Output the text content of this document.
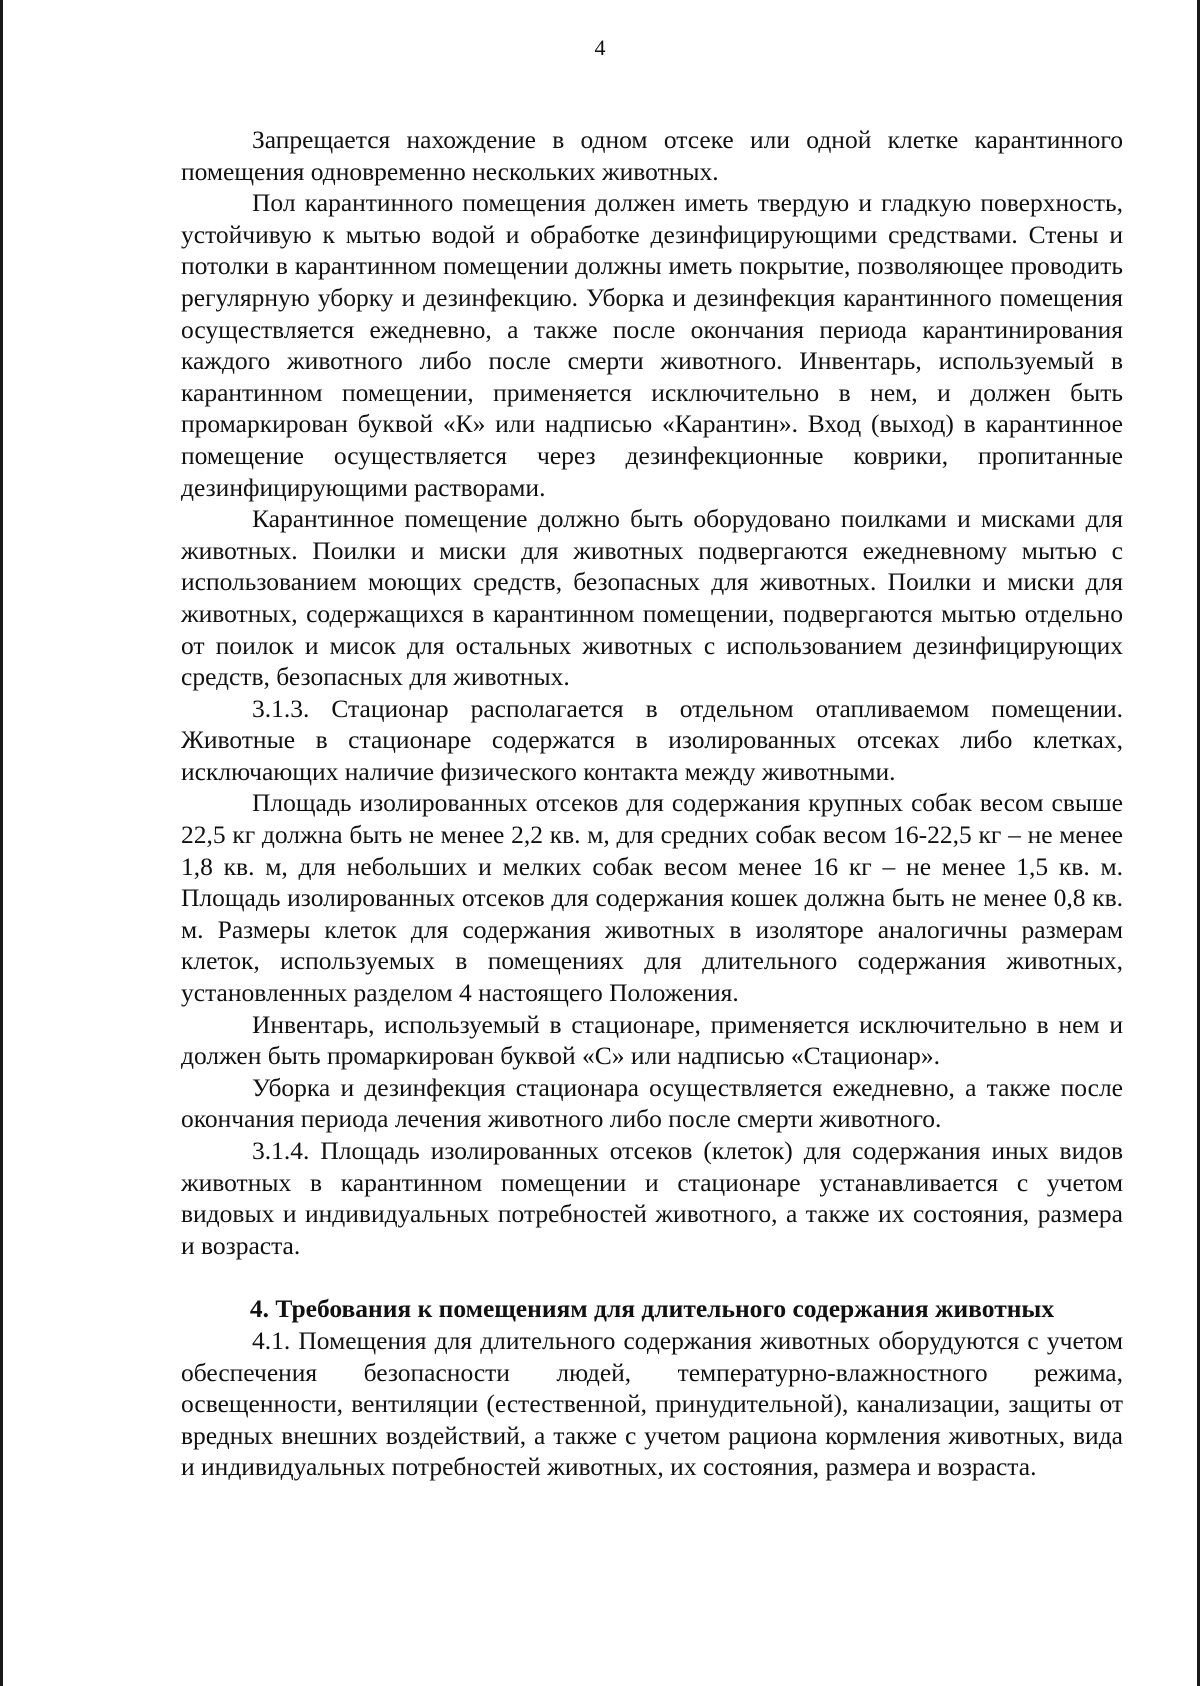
4

Запрещается нахождение в одном отсеке или одной клетке карантинного помещения одновременно нескольких животных.

Пол карантинного помещения должен иметь твердую и гладкую поверхность, устойчивую к мытью водой и обработке дезинфицирующими средствами. Стены и потолки в карантинном помещении должны иметь покрытие, позволяющее проводить регулярную уборку и дезинфекцию. Уборка и дезинфекция карантинного помещения осуществляется ежедневно, а также после окончания периода карантинирования каждого животного либо после смерти животного. Инвентарь, используемый в карантинном помещении, применяется исключительно в нем, и должен быть промаркирован буквой «К» или надписью «Карантин». Вход (выход) в карантинное помещение осуществляется через дезинфекционные коврики, пропитанные дезинфицирующими растворами.

Карантинное помещение должно быть оборудовано поилками и мисками для животных. Поилки и миски для животных подвергаются ежедневному мытью с использованием моющих средств, безопасных для животных. Поилки и миски для животных, содержащихся в карантинном помещении, подвергаются мытью отдельно от поилок и мисок для остальных животных с использованием дезинфицирующих средств, безопасных для животных.

3.1.3. Стационар располагается в отдельном отапливаемом помещении. Животные в стационаре содержатся в изолированных отсеках либо клетках, исключающих наличие физического контакта между животными.

Площадь изолированных отсеков для содержания крупных собак весом свыше 22,5 кг должна быть не менее 2,2 кв. м, для средних собак весом 16-22,5 кг – не менее 1,8 кв. м, для небольших и мелких собак весом менее 16 кг – не менее 1,5 кв. м. Площадь изолированных отсеков для содержания кошек должна быть не менее 0,8 кв. м. Размеры клеток для содержания животных в изоляторе аналогичны размерам клеток, используемых в помещениях для длительного содержания животных, установленных разделом 4 настоящего Положения.

Инвентарь, используемый в стационаре, применяется исключительно в нем и должен быть промаркирован буквой «С» или надписью «Стационар».

Уборка и дезинфекция стационара осуществляется ежедневно, а также после окончания периода лечения животного либо после смерти животного.

3.1.4. Площадь изолированных отсеков (клеток) для содержания иных видов животных в карантинном помещении и стационаре устанавливается с учетом видовых и индивидуальных потребностей животного, а также их состояния, размера и возраста.

4. Требования к помещениям для длительного содержания животных

4.1. Помещения для длительного содержания животных оборудуются с учетом обеспечения безопасности людей, температурно-влажностного режима, освещенности, вентиляции (естественной, принудительной), канализации, защиты от вредных внешних воздействий, а также с учетом рациона кормления животных, вида и индивидуальных потребностей животных, их состояния, размера и возраста.
